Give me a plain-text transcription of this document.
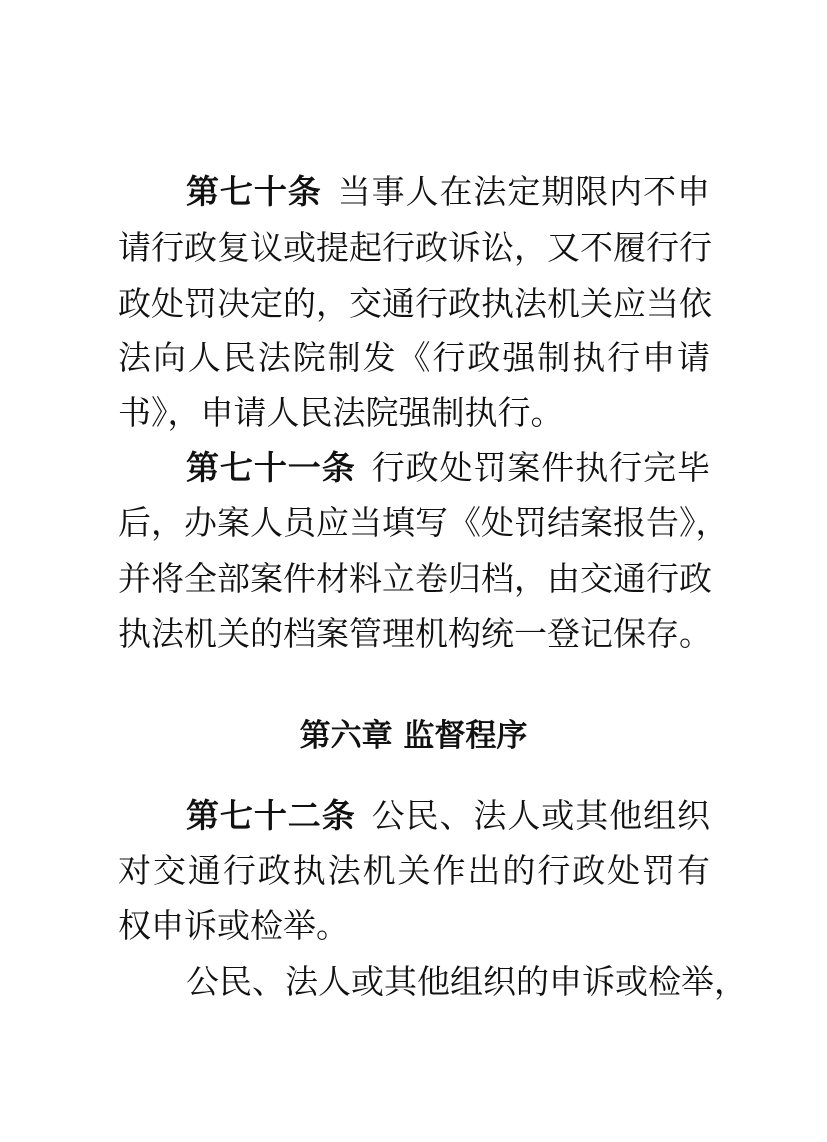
第七十条 当事人在法定期限内不申
请行政复议或提起行政诉讼，又不履行行
政处罚决定的，交通行政执法机关应当依
法向人民法院制发《行政强制执行申请
书》，申请人民法院强制执行。
第七十一条 行政处罚案件执行完毕
后，办案人员应当填写《处罚结案报告》，
并将全部案件材料立卷归档，由交通行政
执法机关的档案管理机构统一登记保存。
第六章 监督程序
第七十二条 公民、法人或其他组织
对交通行政执法机关作出的行政处罚有
权申诉或检举。
公民、法人或其他组织的申诉或检举，
